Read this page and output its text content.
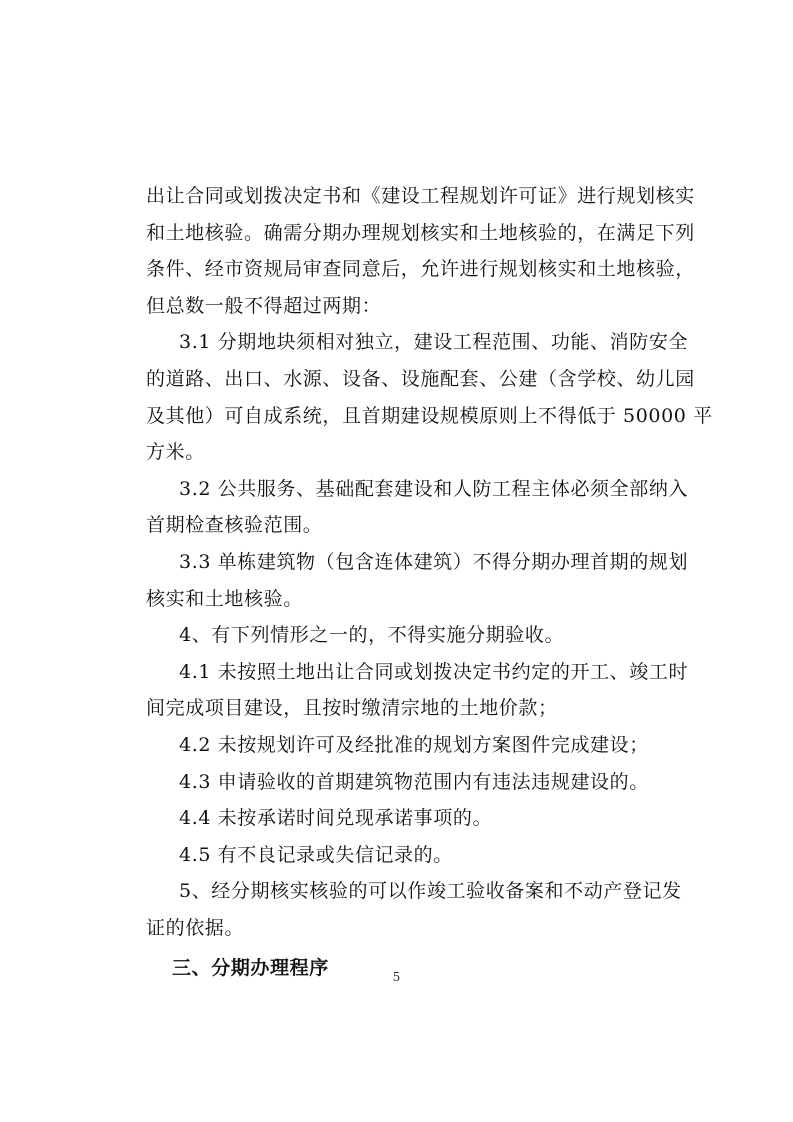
出让合同或划拨决定书和《建设工程规划许可证》进行规划核实
和土地核验。确需分期办理规划核实和土地核验的，在满足下列
条件、经市资规局审查同意后，允许进行规划核实和土地核验，
但总数一般不得超过两期：
3.1 分期地块须相对独立，建设工程范围、功能、消防安全
的道路、出口、水源、设备、设施配套、公建（含学校、幼儿园
及其他）可自成系统，且首期建设规模原则上不得低于 50000 平
方米。
3.2 公共服务、基础配套建设和人防工程主体必须全部纳入
首期检查核验范围。
3.3 单栋建筑物（包含连体建筑）不得分期办理首期的规划
核实和土地核验。
4、有下列情形之一的，不得实施分期验收。
4.1 未按照土地出让合同或划拨决定书约定的开工、竣工时
间完成项目建设，且按时缴清宗地的土地价款；
4.2 未按规划许可及经批准的规划方案图件完成建设；
4.3 申请验收的首期建筑物范围内有违法违规建设的。
4.4 未按承诺时间兑现承诺事项的。
4.5 有不良记录或失信记录的。
5、经分期核实核验的可以作竣工验收备案和不动产登记发
证的依据。
三、分期办理程序	5
